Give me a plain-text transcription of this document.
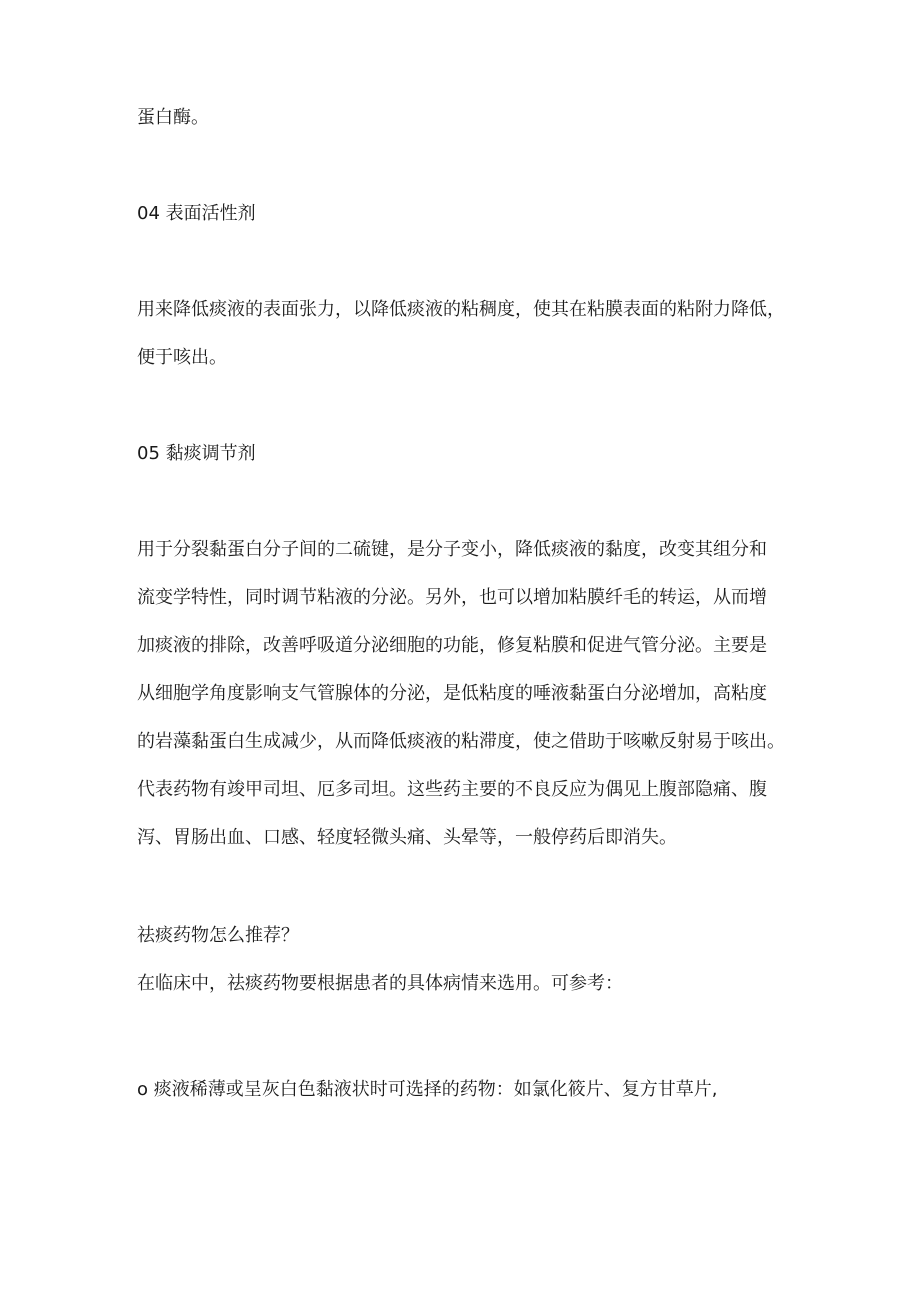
蛋白酶。
04 表面活性剂
用来降低痰液的表面张力，以降低痰液的粘稠度，使其在粘膜表面的粘附力降低，
便于咳出。
05 黏痰调节剂
用于分裂黏蛋白分子间的二硫键，是分子变小，降低痰液的黏度，改变其组分和
流变学特性，同时调节粘液的分泌。另外，也可以增加粘膜纤毛的转运，从而增
加痰液的排除，改善呼吸道分泌细胞的功能，修复粘膜和促进气管分泌。主要是
从细胞学角度影响支气管腺体的分泌，是低粘度的唾液黏蛋白分泌增加，高粘度
的岩藻黏蛋白生成减少，从而降低痰液的粘滞度，使之借助于咳嗽反射易于咳出。
代表药物有竣甲司坦、厄多司坦。这些药主要的不良反应为偶见上腹部隐痛、腹
泻、胃肠出血、口感、轻度轻微头痛、头晕等，一般停药后即消失。
祛痰药物怎么推荐？
在临床中，祛痰药物要根据患者的具体病情来选用。可参考：
o 痰液稀薄或呈灰白色黏液状时可选择的药物：如氯化筱片、复方甘草片,
